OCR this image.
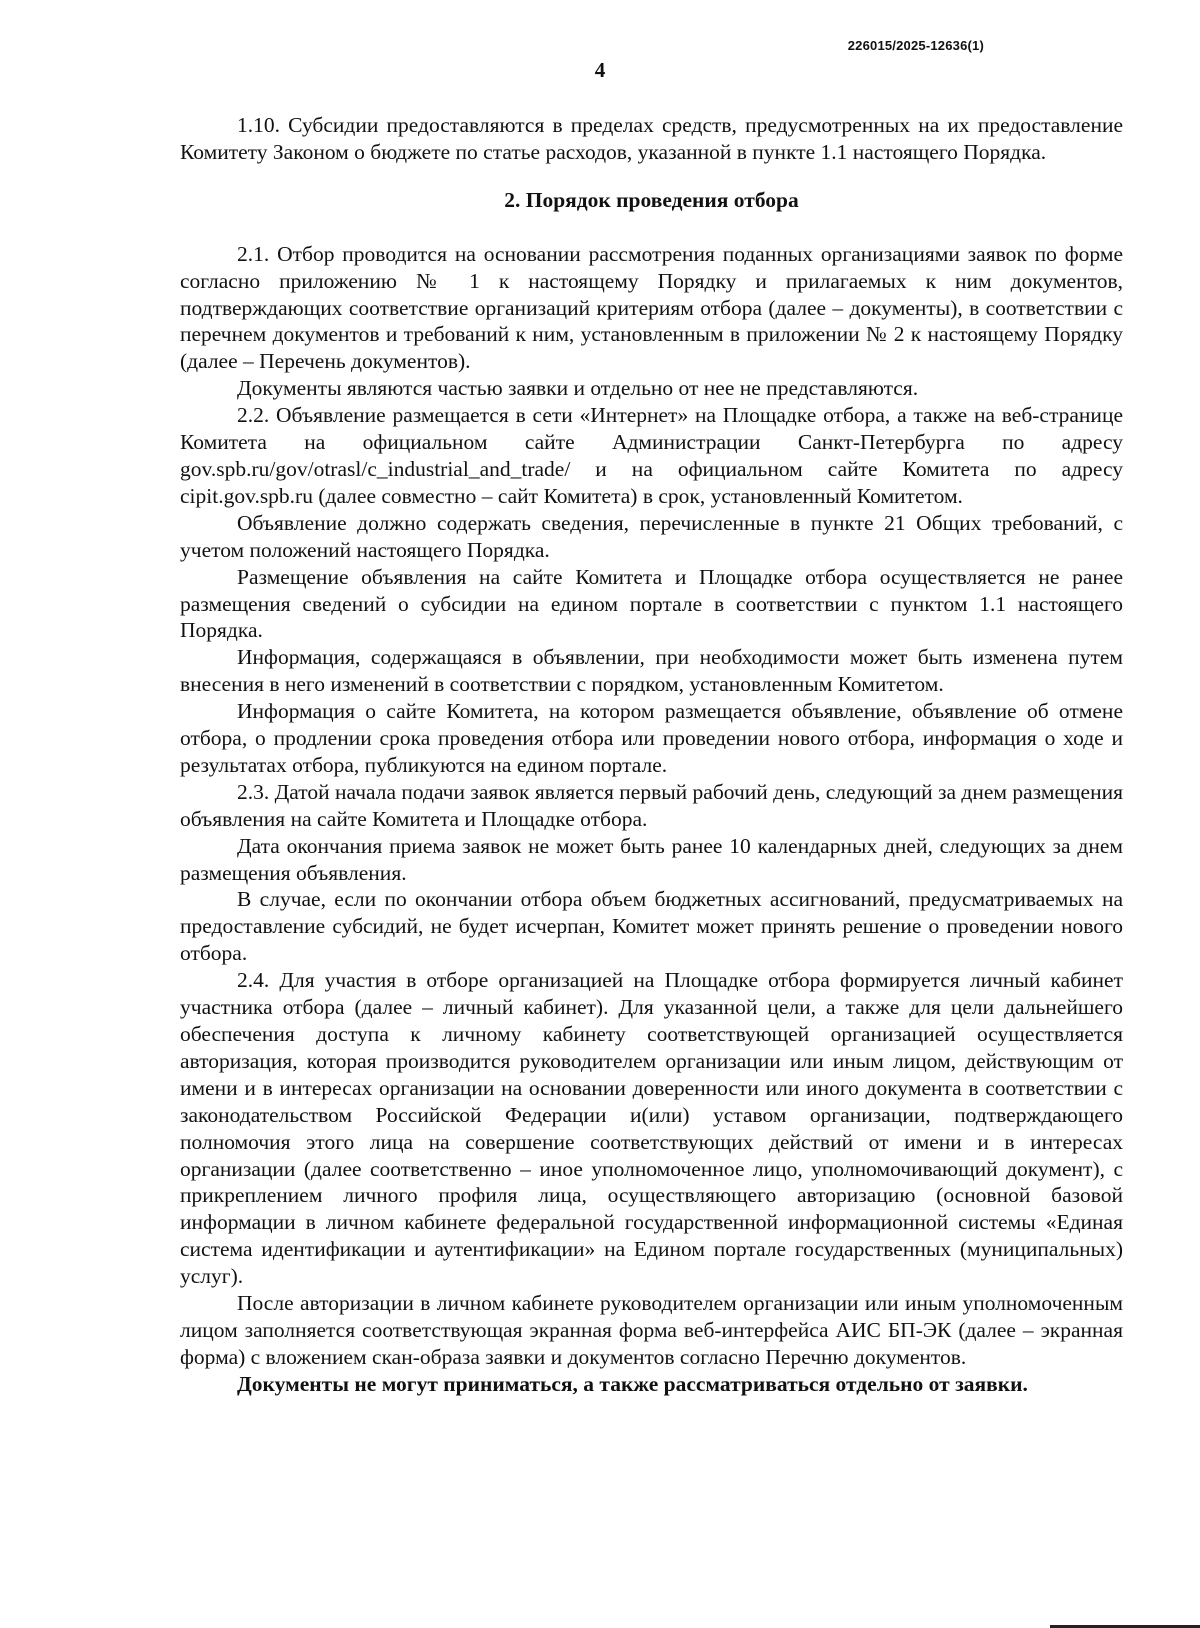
226015/2025-12636(1)
4

1.10. Субсидии предоставляются в пределах средств, предусмотренных на их предоставление Комитету Законом о бюджете по статье расходов, указанной в пункте 1.1 настоящего Порядка.

2. Порядок проведения отбора

2.1. Отбор проводится на основании рассмотрения поданных организациями заявок по форме согласно приложению № 1 к настоящему Порядку и прилагаемых к ним документов, подтверждающих соответствие организаций критериям отбора (далее – документы), в соответствии с перечнем документов и требований к ним, установленным в приложении № 2 к настоящему Порядку (далее – Перечень документов).

Документы являются частью заявки и отдельно от нее не представляются.

2.2. Объявление размещается в сети «Интернет» на Площадке отбора, а также на веб-странице Комитета на официальном сайте Администрации Санкт-Петербурга по адресу gov.spb.ru/gov/otrasl/c_industrial_and_trade/ и на официальном сайте Комитета по адресу cipit.gov.spb.ru (далее совместно – сайт Комитета) в срок, установленный Комитетом.

Объявление должно содержать сведения, перечисленные в пункте 21 Общих требований, с учетом положений настоящего Порядка.

Размещение объявления на сайте Комитета и Площадке отбора осуществляется не ранее размещения сведений о субсидии на едином портале в соответствии с пунктом 1.1 настоящего Порядка.

Информация, содержащаяся в объявлении, при необходимости может быть изменена путем внесения в него изменений в соответствии с порядком, установленным Комитетом.

Информация о сайте Комитета, на котором размещается объявление, объявление об отмене отбора, о продлении срока проведения отбора или проведении нового отбора, информация о ходе и результатах отбора, публикуются на едином портале.

2.3. Датой начала подачи заявок является первый рабочий день, следующий за днем размещения объявления на сайте Комитета и Площадке отбора.

Дата окончания приема заявок не может быть ранее 10 календарных дней, следующих за днем размещения объявления.

В случае, если по окончании отбора объем бюджетных ассигнований, предусматриваемых на предоставление субсидий, не будет исчерпан, Комитет может принять решение о проведении нового отбора.

2.4. Для участия в отборе организацией на Площадке отбора формируется личный кабинет участника отбора (далее – личный кабинет). Для указанной цели, а также для цели дальнейшего обеспечения доступа к личному кабинету соответствующей организацией осуществляется авторизация, которая производится руководителем организации или иным лицом, действующим от имени и в интересах организации на основании доверенности или иного документа в соответствии с законодательством Российской Федерации и(или) уставом организации, подтверждающего полномочия этого лица на совершение соответствующих действий от имени и в интересах организации (далее соответственно – иное уполномоченное лицо, уполномочивающий документ), с прикреплением личного профиля лица, осуществляющего авторизацию (основной базовой информации в личном кабинете федеральной государственной информационной системы «Единая система идентификации и аутентификации» на Едином портале государственных (муниципальных) услуг).

После авторизации в личном кабинете руководителем организации или иным уполномоченным лицом заполняется соответствующая экранная форма веб-интерфейса АИС БП-ЭК (далее – экранная форма) с вложением скан-образа заявки и документов согласно Перечню документов.

Документы не могут приниматься, а также рассматриваться отдельно от заявки.
